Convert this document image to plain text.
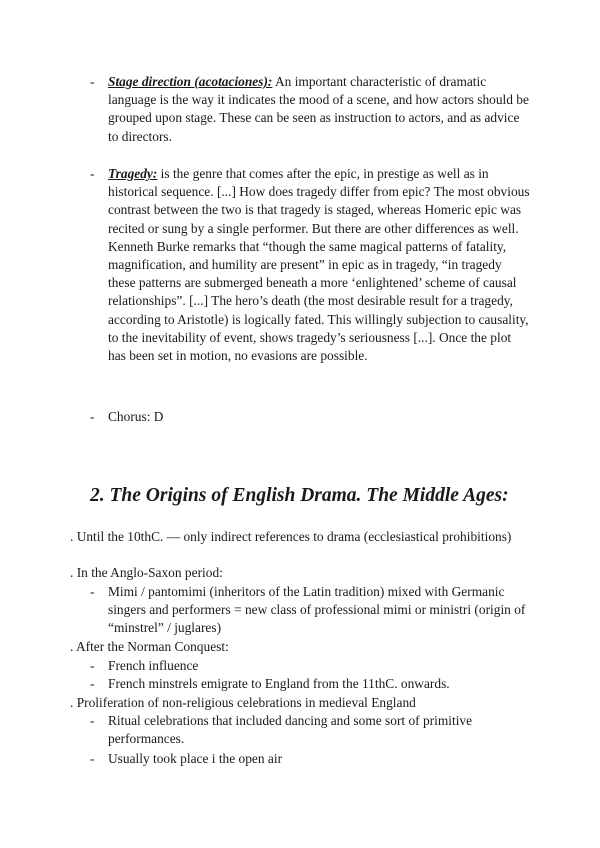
- Stage direction (acotaciones): An important characteristic of dramatic language is the way it indicates the mood of a scene, and how actors should be grouped upon stage. These can be seen as instruction to actors, and as advice to directors.
- Tragedy: is the genre that comes after the epic, in prestige as well as in historical sequence. [...] How does tragedy differ from epic? The most obvious contrast between the two is that tragedy is staged, whereas Homeric epic was recited or sung by a single performer. But there are other differences as well. Kenneth Burke remarks that “though the same magical patterns of fatality, magnification, and humility are present” in epic as in tragedy, “in tragedy these patterns are submerged beneath a more ‘enlightened’ scheme of causal relationships”. [...] The hero’s death (the most desirable result for a tragedy, according to Aristotle) is logically fated. This willingly subjection to causality, to the inevitability of event, shows tragedy’s seriousness [...]. Once the plot has been set in motion, no evasions are possible.
- Chorus: D
2. The Origins of English Drama. The Middle Ages:
. Until the 10thC. — only indirect references to drama (ecclesiastical prohibitions)
. In the Anglo-Saxon period:
- Mimi / pantomimi (inheritors of the Latin tradition) mixed with Germanic singers and performers = new class of professional mimi or ministri (origin of “minstrel” / juglares)
. After the Norman Conquest:
- French influence
- French minstrels emigrate to England from the 11thC. onwards.
. Proliferation of non-religious celebrations in medieval England
- Ritual celebrations that included dancing and some sort of primitive performances.
- Usually took place i the open air
